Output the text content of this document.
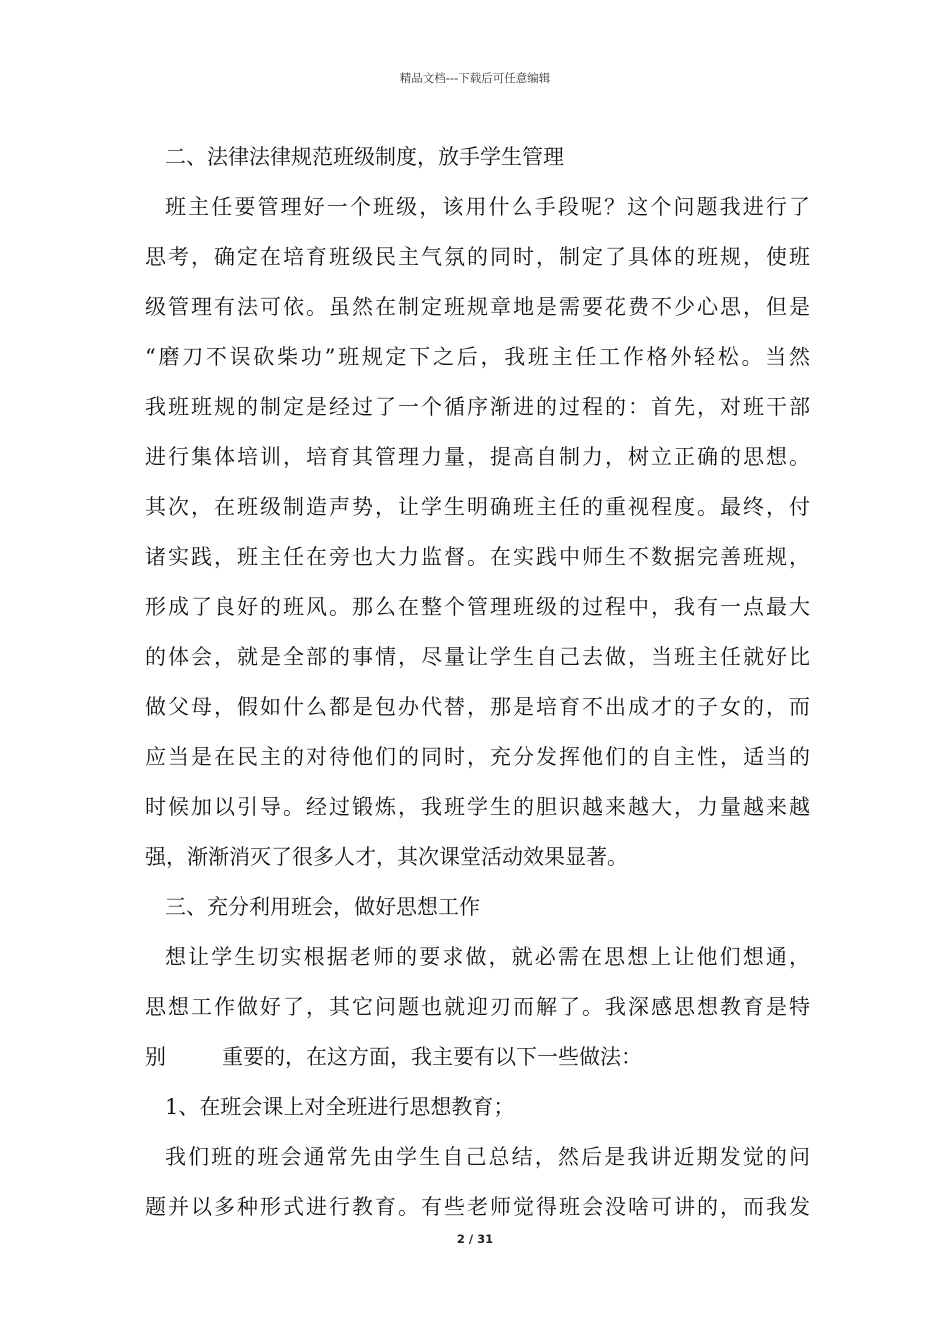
精品文档---下载后可任意编辑
二、法律法律规范班级制度，放手学生管理
班主任要管理好一个班级，该用什么手段呢？这个问题我进行了
思考，确定在培育班级民主气氛的同时，制定了具体的班规，使班
级管理有法可依。虽然在制定班规章地是需要花费不少心思，但是
“磨刀不误砍柴功”班规定下之后，我班主任工作格外轻松。当然
我班班规的制定是经过了一个循序渐进的过程的：首先，对班干部
进行集体培训，培育其管理力量，提高自制力，树立正确的思想。
其次，在班级制造声势，让学生明确班主任的重视程度。最终，付
诸实践，班主任在旁也大力监督。在实践中师生不数据完善班规，
形成了良好的班风。那么在整个管理班级的过程中，我有一点最大
的体会，就是全部的事情，尽量让学生自己去做，当班主任就好比
做父母，假如什么都是包办代替，那是培育不出成才的子女的，而
应当是在民主的对待他们的同时，充分发挥他们的自主性，适当的
时候加以引导。经过锻炼，我班学生的胆识越来越大，力量越来越
强，渐渐消灭了很多人才，其次课堂活动效果显著。
三、充分利用班会，做好思想工作
想让学生切实根据老师的要求做，就必需在思想上让他们想通，
思想工作做好了，其它问题也就迎刃而解了。我深感思想教育是特
别	重要的，在这方面，我主要有以下一些做法：
1、在班会课上对全班进行思想教育；
我们班的班会通常先由学生自己总结，然后是我讲近期发觉的问
题并以多种形式进行教育。有些老师觉得班会没啥可讲的，而我发
2 / 31
